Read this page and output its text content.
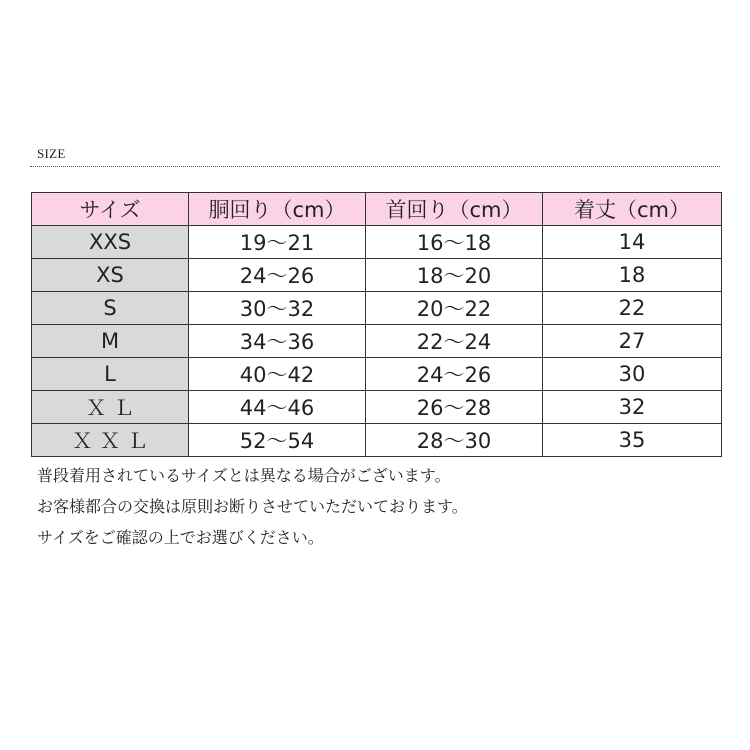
SIZE
サイズ	胴回り（cm）	首回り（cm）	着丈（cm）
XXS	19〜21	16〜18	14
XS	24〜26	18〜20	18
S	30〜32	20〜22	22
M	34〜36	22〜24	27
L	40〜42	24〜26	30
Ｘ Ｌ	44〜46	26〜28	32
Ｘ Ｘ Ｌ	52〜54	28〜30	35
普段着用されているサイズとは異なる場合がございます。
お客様都合の交換は原則お断りさせていただいております。
サイズをご確認の上でお選びください。
